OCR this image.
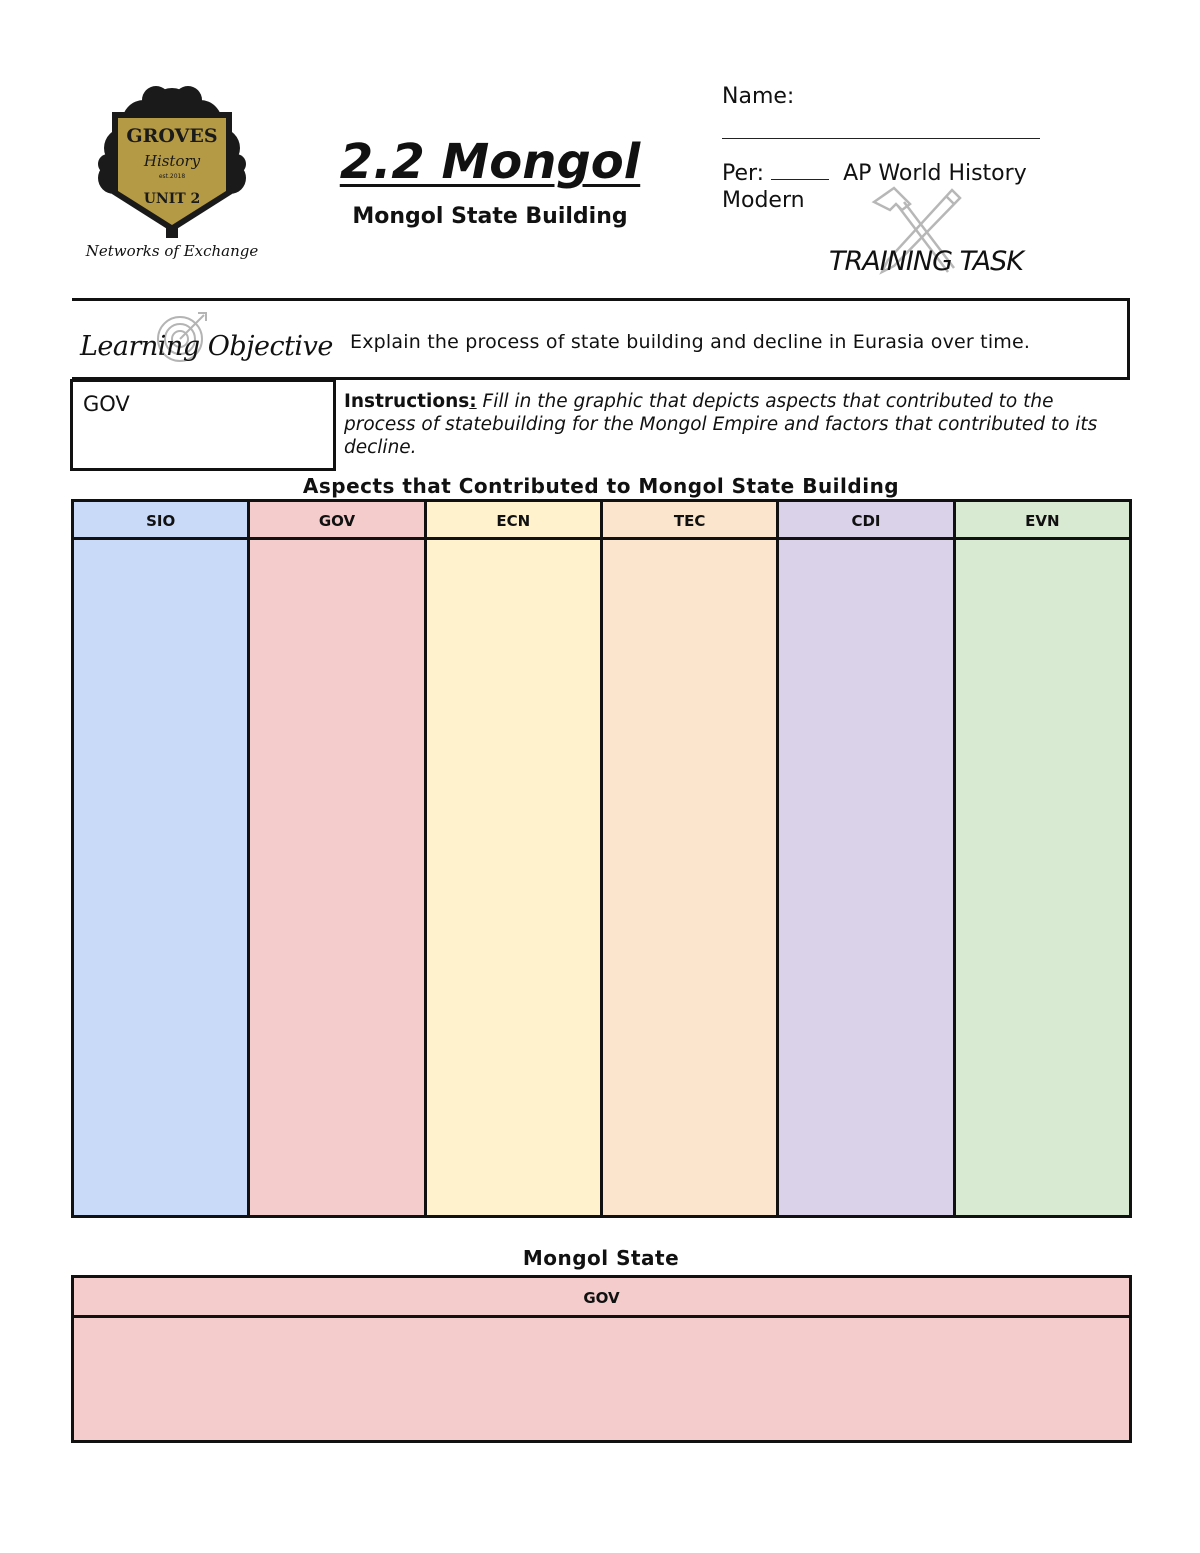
GROVES
History
est.2018
UNIT 2
Networks of Exchange
2.2 Mongol
Mongol State Building
Name:
Per:	AP World History
Modern
TRAINING TASK
Learning Objective Explain the process of state building and decline in Eurasia over time.
GOV	Instructions: Fill in the graphic that depicts aspects that contributed to the process of statebuilding for the Mongol Empire and factors that contributed to its decline.
Aspects that Contributed to Mongol State Building
SIO	GOV	ECN	TEC	CDI	EVN
Mongol State
GOV
